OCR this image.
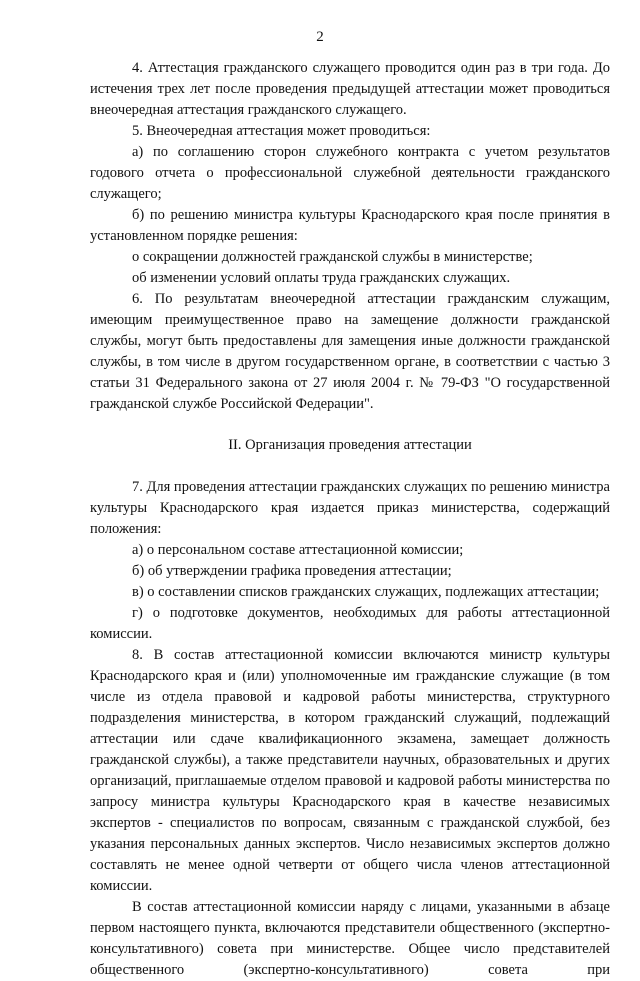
2

4. Аттестация гражданского служащего проводится один раз в три года. До истечения трех лет после проведения предыдущей аттестации может проводиться внеочередная аттестация гражданского служащего.

5. Внеочередная аттестация может проводиться:

а) по соглашению сторон служебного контракта с учетом результатов годового отчета о профессиональной служебной деятельности гражданского служащего;

б) по решению министра культуры Краснодарского края после принятия в установленном порядке решения:

о сокращении должностей гражданской службы в министерстве;

об изменении условий оплаты труда гражданских служащих.

6. По результатам внеочередной аттестации гражданским служащим, имеющим преимущественное право на замещение должности гражданской службы, могут быть предоставлены для замещения иные должности гражданской службы, в том числе в другом государственном органе, в соответствии с частью 3 статьи 31 Федерального закона от 27 июля 2004 г. № 79-ФЗ "О государственной гражданской службе Российской Федерации".

II. Организация проведения аттестации

7. Для проведения аттестации гражданских служащих по решению министра культуры Краснодарского края издается приказ министерства, содержащий положения:

а) о персональном составе аттестационной комиссии;

б) об утверждении графика проведения аттестации;

в) о составлении списков гражданских служащих, подлежащих аттестации;

г) о подготовке документов, необходимых для работы аттестационной комиссии.

8. В состав аттестационной комиссии включаются министр культуры Краснодарского края и (или) уполномоченные им гражданские служащие (в том числе из отдела правовой и кадровой работы министерства, структурного подразделения министерства, в котором гражданский служащий, подлежащий аттестации или сдаче квалификационного экзамена, замещает должность гражданской службы), а также представители научных, образовательных и других организаций, приглашаемые отделом правовой и кадровой работы министерства по запросу министра культуры Краснодарского края в качестве независимых экспертов - специалистов по вопросам, связанным с гражданской службой, без указания персональных данных экспертов. Число независимых экспертов должно составлять не менее одной четверти от общего числа членов аттестационной комиссии.

В состав аттестационной комиссии наряду с лицами, указанными в абзаце первом настоящего пункта, включаются представители общественного (экспертно-консультативного) совета при министерстве. Общее число представителей общественного (экспертно-консультативного) совета при
